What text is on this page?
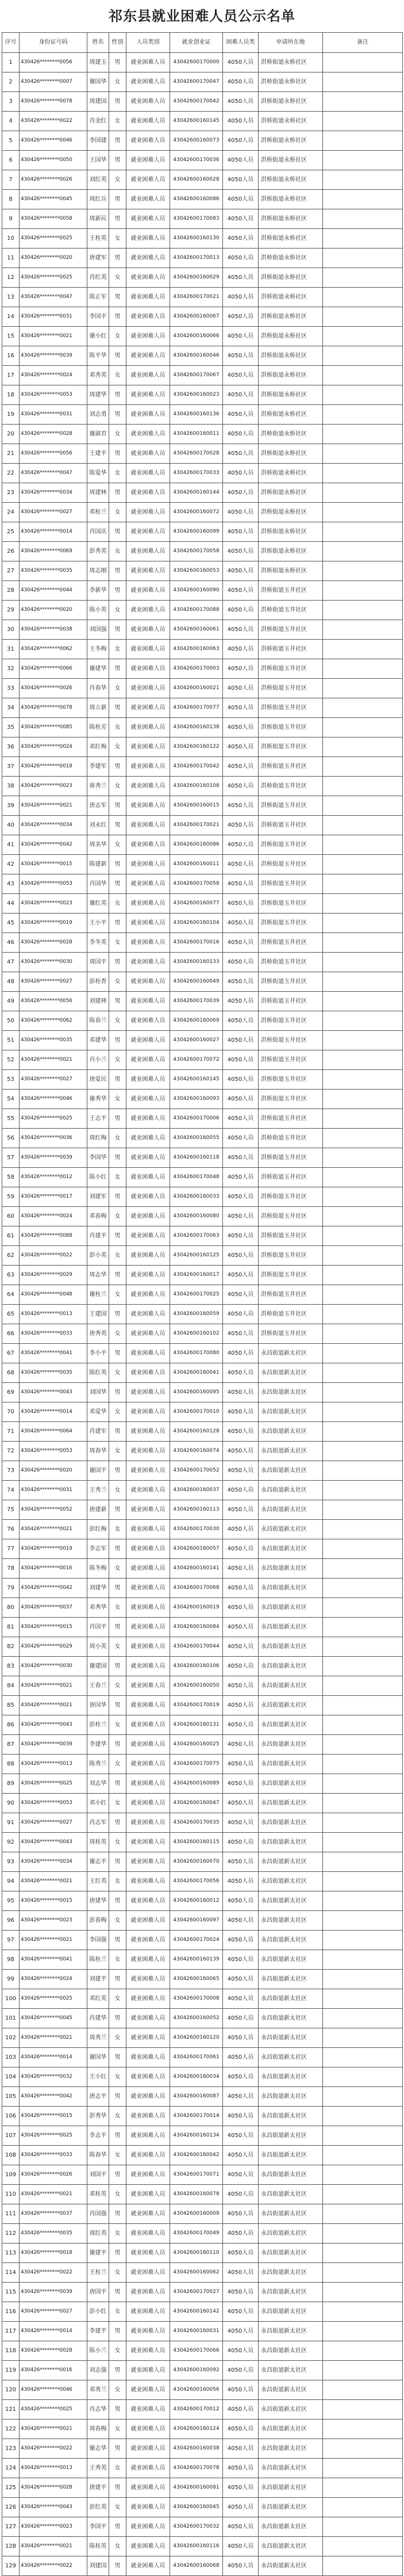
祁东县就业困难人员公示名单
序号	身份证号码	姓名	性别	人员类别	就业创业证	困难人员类	申请所在地	备注
1	430426********0056	周建玉	男	就业困难人员	43042600170000	4050人员	洪桥街道永桥社区	
2	430426********0007	谢国华	女	就业困难人员	43042600170047	4050人员	洪桥街道永桥社区	
3	430426********0078	周建国	男	就业困难人员	43042600170042	4050人员	洪桥街道永桥社区	
4	430426********0022	肖金红	女	就业困难人员	43042600160145	4050人员	洪桥街道永桥社区	
5	430426********0046	李国建	男	就业困难人员	43042600160073	4050人员	洪桥街道永桥社区	
6	430426********0050	王国华	男	就业困难人员	43042600170036	4050人员	洪桥街道永桥社区	
7	430426********0026	刘红英	女	就业困难人员	43042600160028	4050人员	洪桥街道永桥社区	
8	430426********0045	周红兵	男	就业困难人员	43042600160086	4050人员	洪桥街道永桥社区	
9	430426********0058	周新民	男	就业困难人员	43042600170083	4050人员	洪桥街道永桥社区	
10	430426********0025	王桂英	女	就业困难人员	43042600160130	4050人员	洪桥街道永桥社区	
11	430426********0020	唐建军	男	就业困难人员	43042600170013	4050人员	洪桥街道永桥社区	
12	430426********0025	肖红英	女	就业困难人员	43042600160029	4050人员	洪桥街道永桥社区	
13	430426********0047	陈正军	男	就业困难人员	43042600170021	4050人员	洪桥街道永桥社区	
14	430426********0031	李国平	男	就业困难人员	43042600160067	4050人员	洪桥街道永桥社区	
15	430426********0021	谢小红	女	就业困难人员	43042600160066	4050人员	洪桥街道永桥社区	
16	430426********0039	陈平华	男	就业困难人员	43042600160046	4050人员	洪桥街道永桥社区	
17	430426********0024	邓秀英	女	就业困难人员	43042600170067	4050人员	洪桥街道永桥社区	
18	430426********0053	周建华	男	就业困难人员	43042600160023	4050人员	洪桥街道永桥社区	
19	430426********0031	刘志勇	男	就业困难人员	43042600160136	4050人员	洪桥街道永桥社区	
20	430426********0028	谢淑君	女	就业困难人员	43042600160011	4050人员	洪桥街道永桥社区	
21	430426********0056	王建平	男	就业困难人员	43042600170028	4050人员	洪桥街道永桥社区	
22	430426********0047	陈爱华	女	就业困难人员	43042600170033	4050人员	洪桥街道永桥社区	
23	430426********0034	周建林	男	就业困难人员	43042600160144	4050人员	洪桥街道永桥社区	
24	430426********0027	邓桂兰	女	就业困难人员	43042600160072	4050人员	洪桥街道永桥社区	
25	430426********0014	肖国庆	男	就业困难人员	43042600160099	4050人员	洪桥街道永桥社区	
26	430426********0069	彭秀英	女	就业困难人员	43042600170058	4050人员	洪桥街道永桥社区	
27	430426********0035	周志刚	男	就业困难人员	43042600160053	4050人员	洪桥街道永桥社区	
28	430426********0044	李新华	男	就业困难人员	43042600160090	4050人员	洪桥街道玉井社区	
29	430426********0020	陈小英	女	就业困难人员	43042600170088	4050人员	洪桥街道玉井社区	
30	430426********0038	刘国强	男	就业困难人员	43042600160061	4050人员	洪桥街道玉井社区	
31	430426********0062	王冬梅	女	就业困难人员	43042600160063	4050人员	洪桥街道玉井社区	
32	430426********0066	谢建华	男	就业困难人员	43042600170003	4050人员	洪桥街道玉井社区	
33	430426********0026	肖春华	女	就业困难人员	43042600160021	4050人员	洪桥街道玉井社区	
34	430426********0078	周立新	男	就业困难人员	43042600170077	4050人员	洪桥街道玉井社区	
35	430426********0085	陈桂芳	女	就业困难人员	43042600160138	4050人员	洪桥街道玉井社区	
36	430426********0024	邓红梅	女	就业困难人员	43042600160122	4050人员	洪桥街道玉井社区	
37	430426********0018	李建军	男	就业困难人员	43042600170042	4050人员	洪桥街道玉井社区	
38	430426********0023	蒋秀兰	女	就业困难人员	43042600160108	4050人员	洪桥街道玉井社区	
39	430426********0021	唐志军	男	就业困难人员	43042600160015	4050人员	洪桥街道玉井社区	
40	430426********0034	刘永红	男	就业困难人员	43042600170021	4050人员	洪桥街道玉井社区	
41	430426********0042	周美华	女	就业困难人员	43042600160086	4050人员	洪桥街道玉井社区	
42	430426********0015	陈建新	男	就业困难人员	43042600160011	4050人员	洪桥街道玉井社区	
43	430426********0053	肖国华	男	就业困难人员	43042600170058	4050人员	洪桥街道玉井社区	
44	430426********0023	谢红英	女	就业困难人员	43042600160077	4050人员	洪桥街道玉井社区	
45	430426********0019	王小平	男	就业困难人员	43042600160104	4050人员	洪桥街道玉井社区	
46	430426********0028	李冬英	女	就业困难人员	43042600170016	4050人员	洪桥街道玉井社区	
47	430426********0030	周国平	男	就业困难人员	43042600160133	4050人员	洪桥街道玉井社区	
48	430426********0027	彭桂香	女	就业困难人员	43042600160049	4050人员	洪桥街道玉井社区	
49	430426********0056	刘建林	男	就业困难人员	43042600170039	4050人员	洪桥街道玉井社区	
50	430426********0062	陈春兰	女	就业困难人员	43042600160069	4050人员	洪桥街道玉井社区	
51	430426********0035	邓建华	男	就业困难人员	43042600160027	4050人员	洪桥街道玉井社区	
52	430426********0021	肖小兰	女	就业困难人员	43042600170072	4050人员	洪桥街道玉井社区	
53	430426********0027	唐爱民	男	就业困难人员	43042600160145	4050人员	洪桥街道玉井社区	
54	430426********0046	谢秀华	女	就业困难人员	43042600160093	4050人员	洪桥街道玉井社区	
55	430426********0025	王志平	男	就业困难人员	43042600170006	4050人员	洪桥街道玉井社区	
56	430426********0036	周红梅	女	就业困难人员	43042600160055	4050人员	洪桥街道玉井社区	
57	430426********0039	李国华	男	就业困难人员	43042600160118	4050人员	洪桥街道玉井社区	
58	430426********0012	陈小红	女	就业困难人员	43042600170048	4050人员	洪桥街道玉井社区	
59	430426********0017	刘建军	男	就业困难人员	43042600160033	4050人员	洪桥街道玉井社区	
60	430426********0024	邓春梅	女	就业困难人员	43042600160080	4050人员	洪桥街道玉井社区	
61	430426********0088	肖建平	男	就业困难人员	43042600170063	4050人员	洪桥街道玉井社区	
62	430426********0022	彭小英	女	就业困难人员	43042600160125	4050人员	洪桥街道玉井社区	
63	430426********0029	周志华	男	就业困难人员	43042600160017	4050人员	洪桥街道玉井社区	
64	430426********0048	谢桂兰	女	就业困难人员	43042600170025	4050人员	洪桥街道玉井社区	
65	430426********0013	王建国	男	就业困难人员	43042600160059	4050人员	洪桥街道玉井社区	
66	430426********0033	唐秀英	女	就业困难人员	43042600160102	4050人员	洪桥街道玉井社区	
67	430426********0041	李小平	男	就业困难人员	43042600170080	4050人员	永昌街道新太社区	
68	430426********0035	陈红英	女	就业困难人员	43042600160041	4050人员	永昌街道新太社区	
69	430426********0043	刘国华	男	就业困难人员	43042600160095	4050人员	永昌街道新太社区	
70	430426********0014	邓爱华	女	就业困难人员	43042600170010	4050人员	永昌街道新太社区	
71	430426********0064	肖建军	男	就业困难人员	43042600160128	4050人员	永昌街道新太社区	
72	430426********0053	周春华	女	就业困难人员	43042600160074	4050人员	永昌街道新太社区	
73	430426********0020	谢国平	男	就业困难人员	43042600170052	4050人员	永昌街道新太社区	
74	430426********0031	王秀兰	女	就业困难人员	43042600160037	4050人员	永昌街道新太社区	
75	430426********0052	唐建新	男	就业困难人员	43042600160113	4050人员	永昌街道新太社区	
76	430426********0021	彭红梅	女	就业困难人员	43042600170030	4050人员	永昌街道新太社区	
77	430426********0019	李志军	男	就业困难人员	43042600160057	4050人员	永昌街道新太社区	
78	430426********0016	陈冬梅	女	就业困难人员	43042600160141	4050人员	永昌街道新太社区	
79	430426********0042	刘建华	男	就业困难人员	43042600170068	4050人员	永昌街道新太社区	
80	430426********0037	邓秀华	女	就业困难人员	43042600160019	4050人员	永昌街道新太社区	
81	430426********0015	肖国平	男	就业困难人员	43042600160084	4050人员	永昌街道新太社区	
82	430426********0029	周小英	女	就业困难人员	43042600170044	4050人员	永昌街道新太社区	
83	430426********0030	谢建国	男	就业困难人员	43042600160106	4050人员	永昌街道新太社区	
84	430426********0021	王春兰	女	就业困难人员	43042600160050	4050人员	永昌街道新太社区	
85	430426********0021	唐国华	男	就业困难人员	43042600170019	4050人员	永昌街道新太社区	
86	430426********0043	彭桂兰	女	就业困难人员	43042600160131	4050人员	永昌街道新太社区	
87	430426********0039	李建华	男	就业困难人员	43042600160025	4050人员	永昌街道新太社区	
88	430426********0013	陈秀兰	女	就业困难人员	43042600170075	4050人员	永昌街道新太社区	
89	430426********0025	刘志华	男	就业困难人员	43042600160089	4050人员	永昌街道新太社区	
90	430426********0053	邓小红	女	就业困难人员	43042600160047	4050人员	永昌街道新太社区	
91	430426********0027	肖志军	男	就业困难人员	43042600170035	4050人员	永昌街道新太社区	
92	430426********0043	周桂英	女	就业困难人员	43042600160115	4050人员	永昌街道新太社区	
93	430426********0034	谢志平	男	就业困难人员	43042600160070	4050人员	永昌街道新太社区	
94	430426********0021	王红英	女	就业困难人员	43042600170056	4050人员	永昌街道新太社区	
95	430426********0015	唐建华	男	就业困难人员	43042600160012	4050人员	永昌街道新太社区	
96	430426********0023	彭春梅	女	就业困难人员	43042600160097	4050人员	永昌街道新太社区	
97	430426********0021	李国强	男	就业困难人员	43042600170024	4050人员	永昌街道新太社区	
98	430426********0041	陈桂兰	女	就业困难人员	43042600160139	4050人员	永昌街道新太社区	
99	430426********0024	刘建平	男	就业困难人员	43042600160065	4050人员	永昌街道新太社区	
100	430426********0025	邓红英	女	就业困难人员	43042600170008	4050人员	永昌街道新太社区	
101	430426********0045	肖建华	男	就业困难人员	43042600160052	4050人员	永昌街道新太社区	
102	430426********0021	周秀兰	女	就业困难人员	43042600160120	4050人员	永昌街道新太社区	
103	430426********0014	谢国华	男	就业困难人员	43042600170061	4050人员	永昌街道新太社区	
104	430426********0032	王小红	女	就业困难人员	43042600160034	4050人员	永昌街道新太社区	
105	430426********0042	唐志平	男	就业困难人员	43042600160087	4050人员	永昌街道新太社区	
106	430426********0015	彭秀华	女	就业困难人员	43042600170014	4050人员	永昌街道新太社区	
107	430426********0025	李志平	男	就业困难人员	43042600160134	4050人员	永昌街道新太社区	
108	430426********0033	陈春华	女	就业困难人员	43042600160042	4050人员	永昌街道新太社区	
109	430426********0026	刘国平	男	就业困难人员	43042600170071	4050人员	永昌街道新太社区	
110	430426********0021	邓桂英	女	就业困难人员	43042600160078	4050人员	永昌街道新太社区	
111	430426********0037	肖国强	男	就业困难人员	43042600160009	4050人员	永昌街道新太社区	
112	430426********0035	周红英	女	就业困难人员	43042600170049	4050人员	永昌街道新太社区	
113	430426********0018	谢建平	男	就业困难人员	43042600160110	4050人员	永昌街道新太社区	
114	430426********0022	王桂兰	女	就业困难人员	43042600160062	4050人员	永昌街道新太社区	
115	430426********0039	唐国平	男	就业困难人员	43042600170027	4050人员	永昌街道新太社区	
116	430426********0027	彭小红	女	就业困难人员	43042600160142	4050人员	永昌街道新太社区	
117	430426********0014	李建平	男	就业困难人员	43042600160031	4050人员	永昌街道新太社区	
118	430426********0028	陈小兰	女	就业困难人员	43042600170066	4050人员	永昌街道新太社区	
119	430426********0016	刘志强	男	就业困难人员	43042600160092	4050人员	永昌街道新太社区	
120	430426********0046	邓秀兰	女	就业困难人员	43042600160056	4050人员	永昌街道新太社区	
121	430426********0025	肖志华	男	就业困难人员	43042600170012	4050人员	永昌街道新太社区	
122	430426********0021	周春梅	女	就业困难人员	43042600160124	4050人员	永昌街道新太社区	
123	430426********0022	谢志华	男	就业困难人员	43042600160038	4050人员	永昌街道新太社区	
124	430426********0013	王秀英	女	就业困难人员	43042600170078	4050人员	永昌街道新太社区	
125	430426********0028	唐建平	男	就业困难人员	43042600160081	4050人员	永昌街道新太社区	
126	430426********0043	彭红英	女	就业困难人员	43042600160045	4050人员	永昌街道新太社区	
127	430426********0023	李国平	男	就业困难人员	43042600170032	4050人员	永昌街道新太社区	
128	430426********0021	陈桂英	女	就业困难人员	43042600160116	4050人员	永昌街道新太社区	
129	430426********0022	刘建国	男	就业困难人员	43042600160068	4050人员	永昌街道新太社区	
